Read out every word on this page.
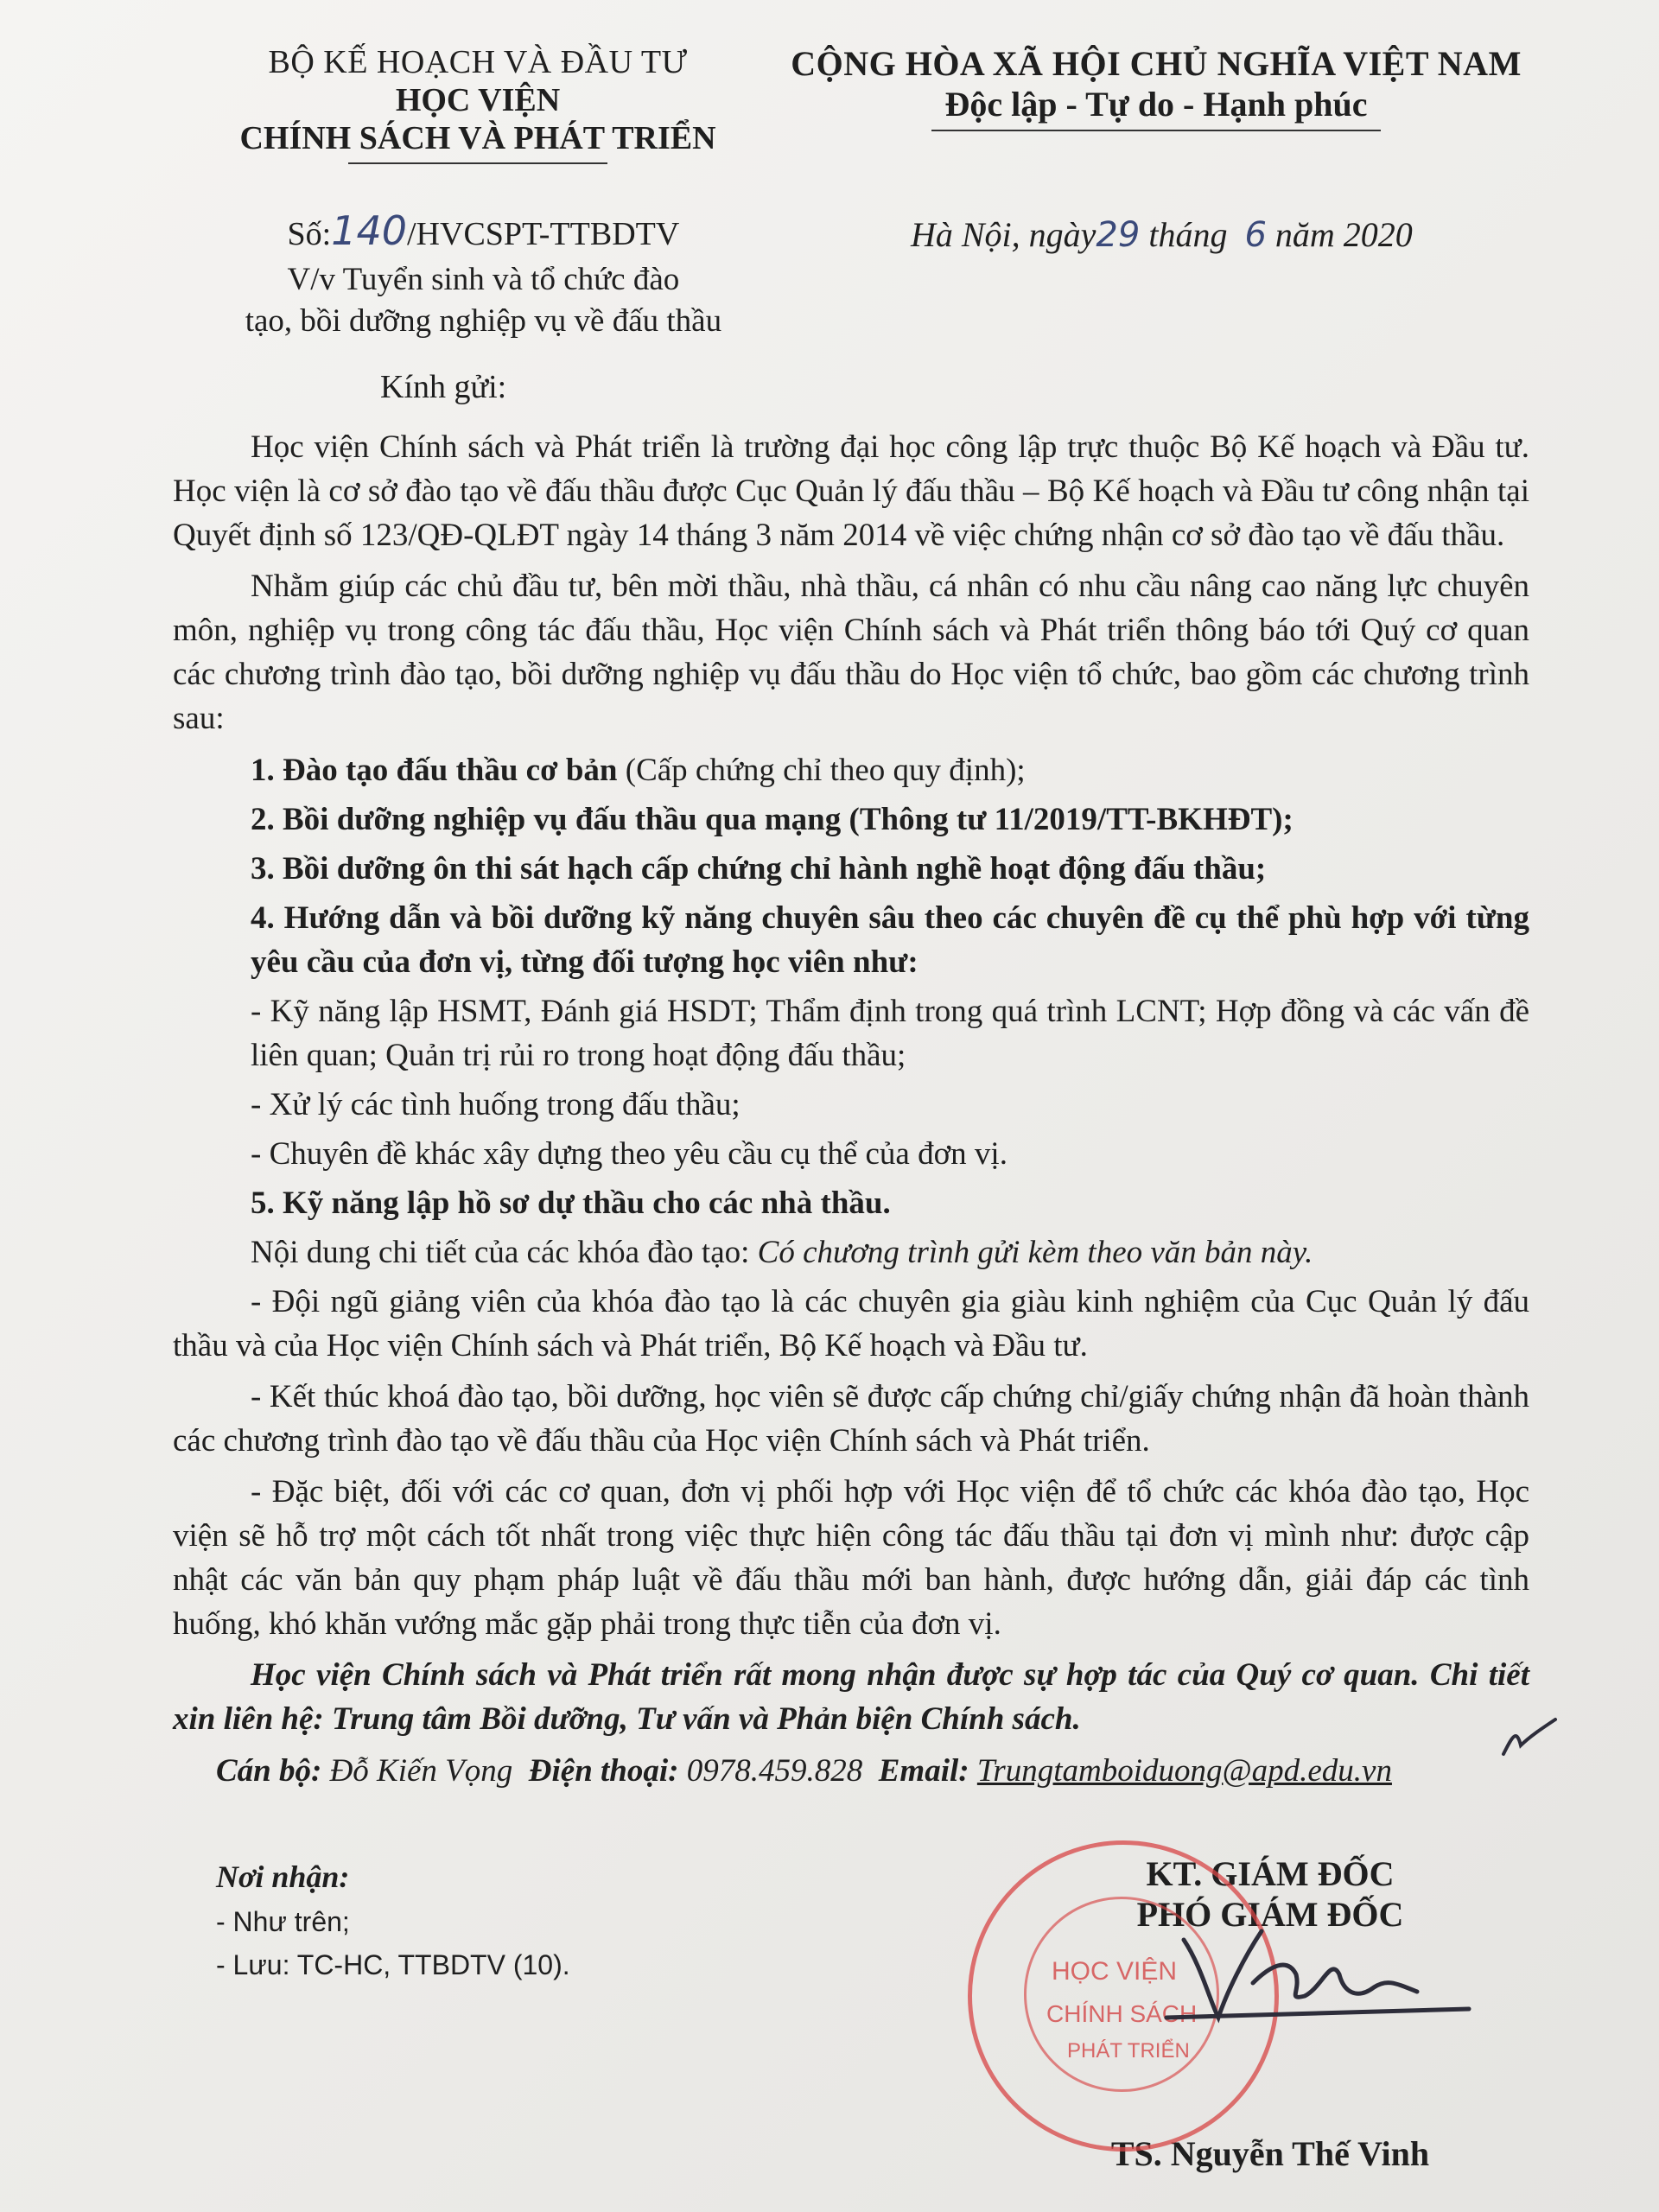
BỘ KẾ HOẠCH VÀ ĐẦU TƯ
HỌC VIỆN
CHÍNH SÁCH VÀ PHÁT TRIỂN
CỘNG HÒA XÃ HỘI CHỦ NGHĨA VIỆT NAM
Độc lập - Tự do - Hạnh phúc
Số:140/HVCSPT-TTBDTV
V/v Tuyển sinh và tổ chức đào
tạo, bồi dưỡng nghiệp vụ về đấu thầu
Hà Nội, ngày29 tháng 6 năm 2020
Kính gửi:

Học viện Chính sách và Phát triển là trường đại học công lập trực thuộc Bộ Kế hoạch và Đầu tư. Học viện là cơ sở đào tạo về đấu thầu được Cục Quản lý đấu thầu – Bộ Kế hoạch và Đầu tư công nhận tại Quyết định số 123/QĐ-QLĐT ngày 14 tháng 3 năm 2014 về việc chứng nhận cơ sở đào tạo về đấu thầu.

Nhằm giúp các chủ đầu tư, bên mời thầu, nhà thầu, cá nhân có nhu cầu nâng cao năng lực chuyên môn, nghiệp vụ trong công tác đấu thầu, Học viện Chính sách và Phát triển thông báo tới Quý cơ quan các chương trình đào tạo, bồi dưỡng nghiệp vụ đấu thầu do Học viện tổ chức, bao gồm các chương trình sau:

1. Đào tạo đấu thầu cơ bản (Cấp chứng chỉ theo quy định);

2. Bồi dưỡng nghiệp vụ đấu thầu qua mạng (Thông tư 11/2019/TT-BKHĐT);

3. Bồi dưỡng ôn thi sát hạch cấp chứng chỉ hành nghề hoạt động đấu thầu;

4. Hướng dẫn và bồi dưỡng kỹ năng chuyên sâu theo các chuyên đề cụ thể phù hợp với từng yêu cầu của đơn vị, từng đối tượng học viên như:

- Kỹ năng lập HSMT, Đánh giá HSDT; Thẩm định trong quá trình LCNT; Hợp đồng và các vấn đề liên quan; Quản trị rủi ro trong hoạt động đấu thầu;

- Xử lý các tình huống trong đấu thầu;

- Chuyên đề khác xây dựng theo yêu cầu cụ thể của đơn vị.

5. Kỹ năng lập hồ sơ dự thầu cho các nhà thầu.

Nội dung chi tiết của các khóa đào tạo: Có chương trình gửi kèm theo văn bản này.

- Đội ngũ giảng viên của khóa đào tạo là các chuyên gia giàu kinh nghiệm của Cục Quản lý đấu thầu và của Học viện Chính sách và Phát triển, Bộ Kế hoạch và Đầu tư.

- Kết thúc khoá đào tạo, bồi dưỡng, học viên sẽ được cấp chứng chỉ/giấy chứng nhận đã hoàn thành các chương trình đào tạo về đấu thầu của Học viện Chính sách và Phát triển.

- Đặc biệt, đối với các cơ quan, đơn vị phối hợp với Học viện để tổ chức các khóa đào tạo, Học viện sẽ hỗ trợ một cách tốt nhất trong việc thực hiện công tác đấu thầu tại đơn vị mình như: được cập nhật các văn bản quy phạm pháp luật về đấu thầu mới ban hành, được hướng dẫn, giải đáp các tình huống, khó khăn vướng mắc gặp phải trong thực tiễn của đơn vị.

Học viện Chính sách và Phát triển rất mong nhận được sự hợp tác của Quý cơ quan. Chi tiết xin liên hệ: Trung tâm Bồi dưỡng, Tư vấn và Phản biện Chính sách.

Cán bộ: Đỗ Kiến Vọng Điện thoại: 0978.459.828 Email: Trungtamboiduong@apd.edu.vn
Nơi nhận:
- Như trên;
- Lưu: TC-HC, TTBDTV (10).
KT. GIÁM ĐỐC
PHÓ GIÁM ĐỐC
TS. Nguyễn Thế Vinh
HỌC VIỆN
CHÍNH SÁCH
PHÁT TRIỂN
